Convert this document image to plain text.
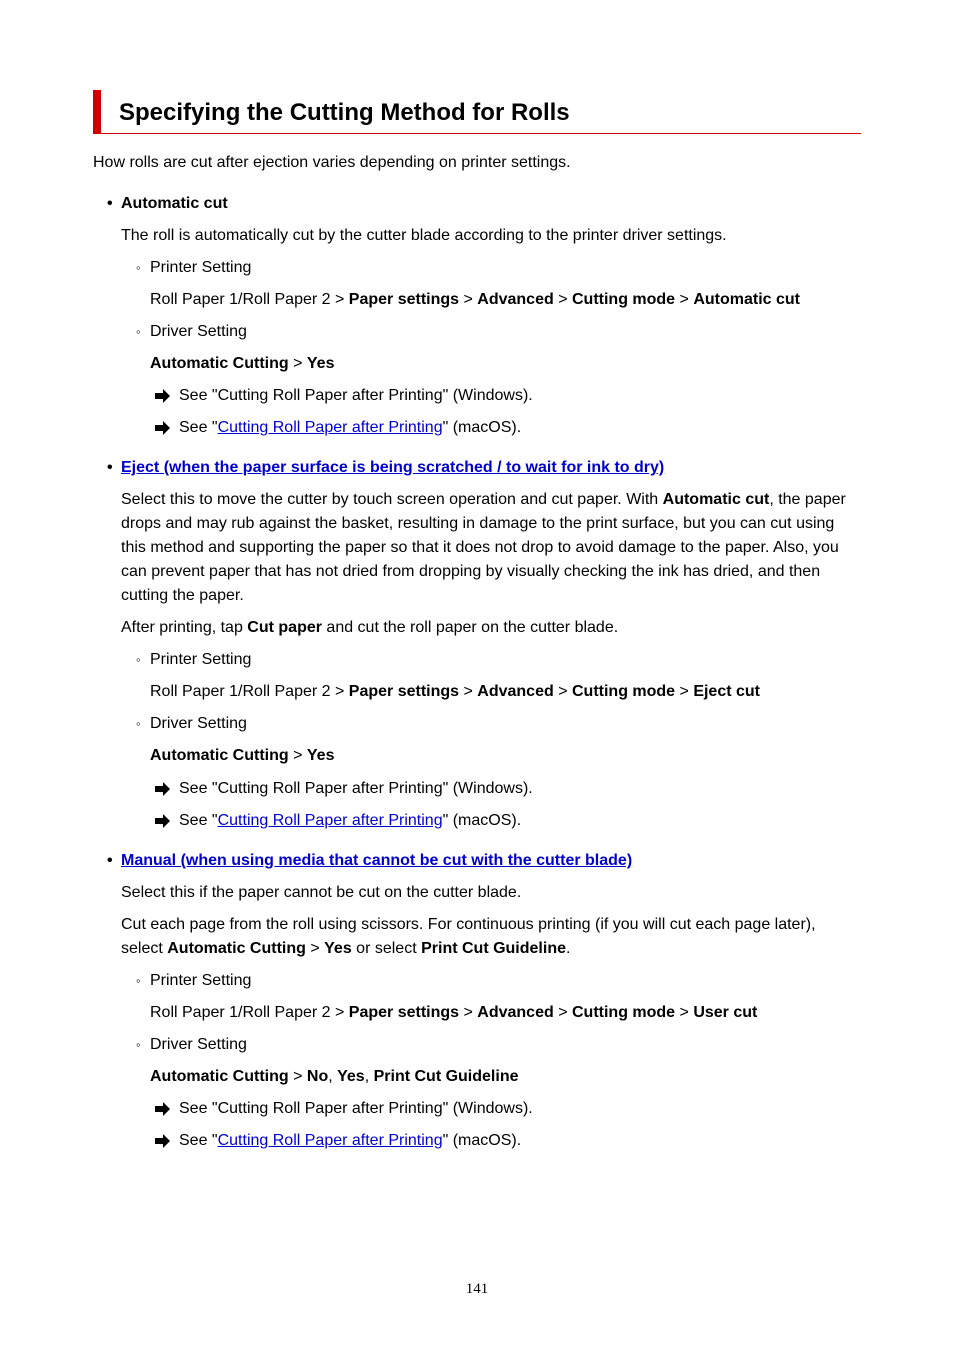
Specifying the Cutting Method for Rolls
How rolls are cut after ejection varies depending on printer settings.
• Automatic cut
The roll is automatically cut by the cutter blade according to the printer driver settings.
◦ Printer Setting
Roll Paper 1/Roll Paper 2 > Paper settings > Advanced > Cutting mode > Automatic cut
◦ Driver Setting
Automatic Cutting > Yes
See "Cutting Roll Paper after Printing" (Windows).
See "Cutting Roll Paper after Printing" (macOS).
• Eject (when the paper surface is being scratched / to wait for ink to dry)
Select this to move the cutter by touch screen operation and cut paper. With Automatic cut, the paper
drops and may rub against the basket, resulting in damage to the print surface, but you can cut using
this method and supporting the paper so that it does not drop to avoid damage to the paper. Also, you
can prevent paper that has not dried from dropping by visually checking the ink has dried, and then
cutting the paper.
After printing, tap Cut paper and cut the roll paper on the cutter blade.
◦ Printer Setting
Roll Paper 1/Roll Paper 2 > Paper settings > Advanced > Cutting mode > Eject cut
◦ Driver Setting
Automatic Cutting > Yes
See "Cutting Roll Paper after Printing" (Windows).
See "Cutting Roll Paper after Printing" (macOS).
• Manual (when using media that cannot be cut with the cutter blade)
Select this if the paper cannot be cut on the cutter blade.
Cut each page from the roll using scissors. For continuous printing (if you will cut each page later),
select Automatic Cutting > Yes or select Print Cut Guideline.
◦ Printer Setting
Roll Paper 1/Roll Paper 2 > Paper settings > Advanced > Cutting mode > User cut
◦ Driver Setting
Automatic Cutting > No, Yes, Print Cut Guideline
See "Cutting Roll Paper after Printing" (Windows).
See "Cutting Roll Paper after Printing" (macOS).
141
